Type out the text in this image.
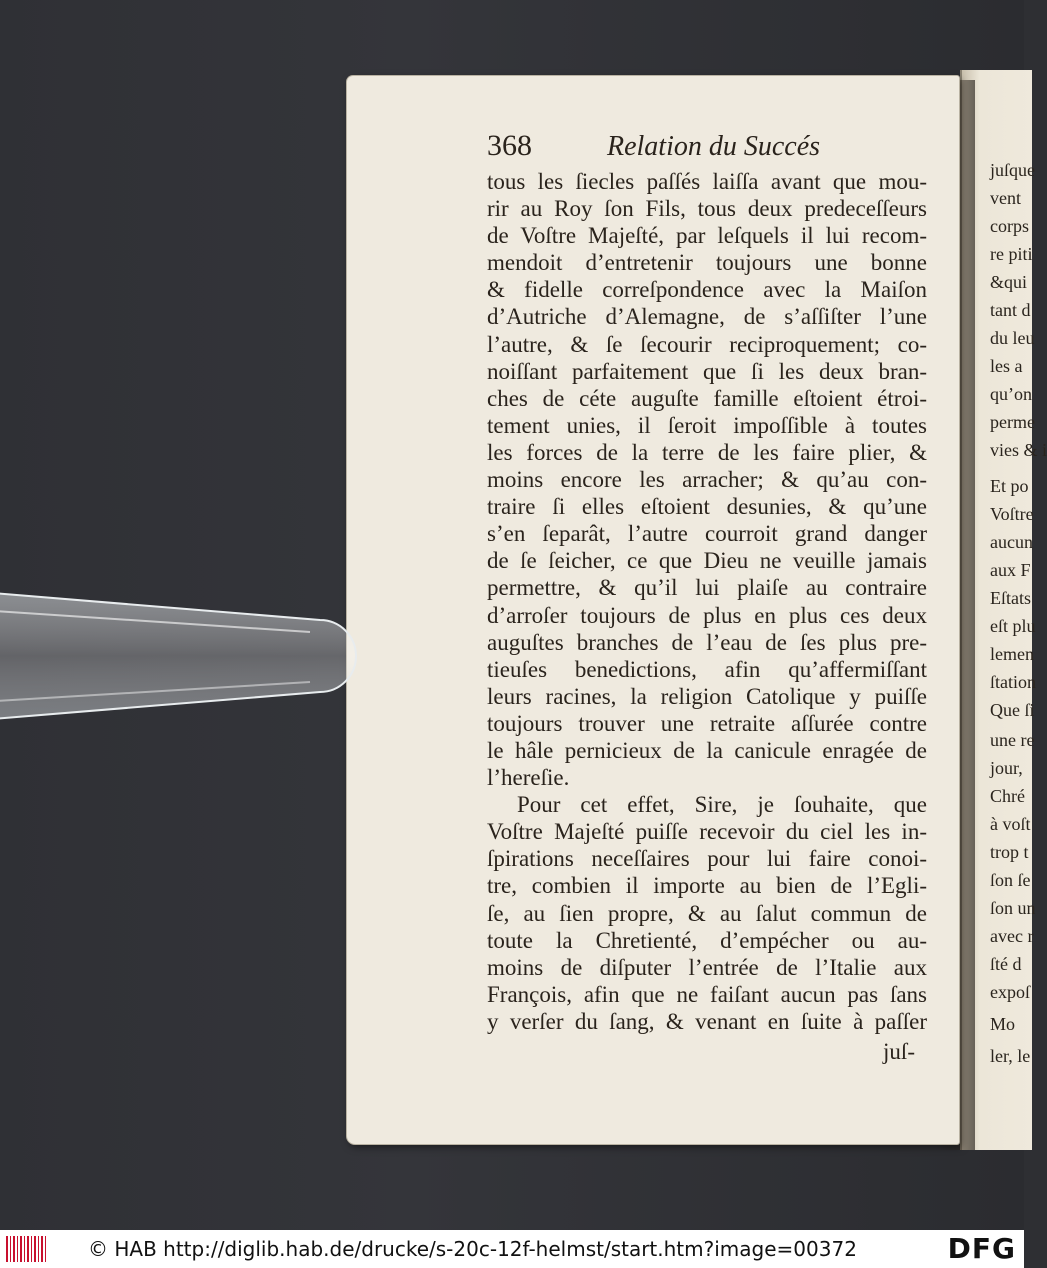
juſque
vent
corps
re piti
&qui
tant d
du leu
les a
qu’on
perme
vies & i
Et po
Voſtre
aucun
aux F
Eſtats
eſt plu
lemen
ſtation
Que ſi
une re
jour,
Chré
à voſt
trop t
ſon ſe
ſon un
avec r
ſté d
expoſ
Mo
ler, le
368	Relation du Succés
tous les ſiecles paſſés laiſſa avant que mou-
rir au Roy ſon Fils, tous deux predeceſſeurs
de Voſtre Majeſté, par leſquels il lui recom-
mendoit d’entretenir toujours une bonne
& fidelle correſpondence avec la Maiſon
d’Autriche d’Alemagne, de s’aſſiſter l’une
l’autre, & ſe ſecourir reciproquement; co-
noiſſant parfaitement que ſi les deux bran-
ches de céte auguſte famille eſtoient étroi-
tement unies, il ſeroit impoſſible à toutes
les forces de la terre de les faire plier, &
moins encore les arracher; & qu’au con-
traire ſi elles eſtoient desunies, & qu’une
s’en ſeparât, l’autre courroit grand danger
de ſe ſeicher, ce que Dieu ne veuille jamais
permettre, & qu’il lui plaiſe au contraire
d’arroſer toujours de plus en plus ces deux
auguſtes branches de l’eau de ſes plus pre-
tieuſes benedictions, afin qu’affermiſſant
leurs racines, la religion Catolique y puiſſe
toujours trouver une retraite aſſurée contre
le hâle pernicieux de la canicule enragée de
l’hereſie.
Pour cet effet, Sire, je ſouhaite, que
Voſtre Majeſté puiſſe recevoir du ciel les in-
ſpirations neceſſaires pour lui faire conoi-
tre, combien il importe au bien de l’Egli-
ſe, au ſien propre, & au ſalut commun de
toute la Chretienté, d’empécher ou au-
moins de diſputer l’entrée de l’Italie aux
François, afin que ne faiſant aucun pas ſans
y verſer du ſang, & venant en ſuite à paſſer
juſ-
© HAB http://diglib.hab.de/drucke/s-20c-12f-helmst/start.htm?image=00372	DFG
